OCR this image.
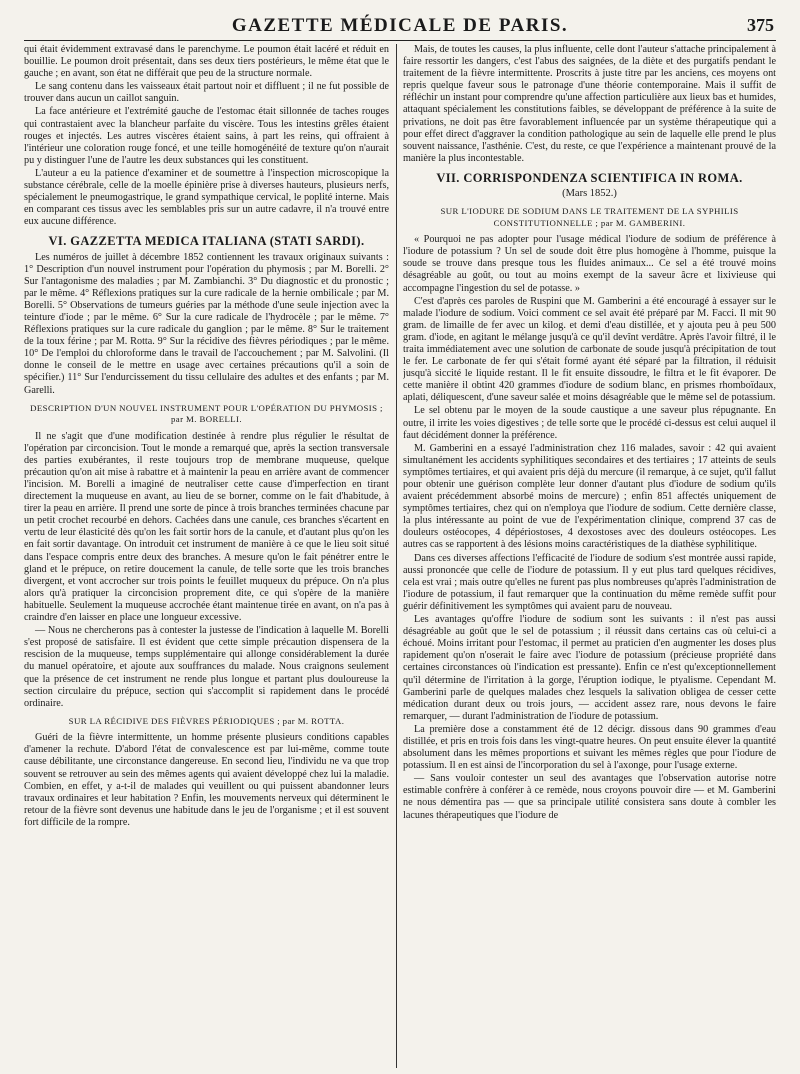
GAZETTE MÉDICALE DE PARIS.	375

qui était évidemment extravasé dans le parenchyme. Le poumon était lacéré et réduit en bouillie. Le poumon droit présentait, dans ses deux tiers postérieurs, le même état que le gauche ; en avant, son état ne différait que peu de la structure normale.

Le sang contenu dans les vaisseaux était partout noir et diffluent ; il ne fut possible de trouver dans aucun un caillot sanguin.

La face antérieure et l'extrémité gauche de l'estomac était sillonnée de taches rouges qui contrastaient avec la blancheur parfaite du viscère. Tous les intestins grêles étaient rouges et injectés. Les autres viscères étaient sains, à part les reins, qui offraient à l'intérieur une coloration rouge foncé, et une teille homogénéité de texture qu'on n'aurait pu y distinguer l'une de l'autre les deux substances qui les constituent.

L'auteur a eu la patience d'examiner et de soumettre à l'inspection microscopique la substance cérébrale, celle de la moelle épinière prise à diverses hauteurs, plusieurs nerfs, spécialement le pneumogastrique, le grand sympathique cervical, le poplité interne. Mais en comparant ces tissus avec les semblables pris sur un autre cadavre, il n'a trouvé entre eux aucune différence.

VI. GAZZETTA MEDICA ITALIANA (STATI SARDI).

Les numéros de juillet à décembre 1852 contiennent les travaux originaux suivants : 1° Description d'un nouvel instrument pour l'opération du phymosis ; par M. Borelli. 2° Sur l'antagonisme des maladies ; par M. Zambianchi. 3° Du diagnostic et du pronostic ; par le même. 4° Réflexions pratiques sur la cure radicale de la hernie ombilicale ; par M. Borelli. 5° Observations de tumeurs guéries par la méthode d'une seule injection avec la teinture d'iode ; par le même. 6° Sur la cure radicale de l'hydrocèle ; par le même. 7° Réflexions pratiques sur la cure radicale du ganglion ; par le même. 8° Sur le traitement de la toux férine ; par M. Rotta. 9° Sur la récidive des fièvres périodiques ; par le même. 10° De l'emploi du chloroforme dans le travail de l'accouchement ; par M. Salvolini. (Il donne le conseil de le mettre en usage avec certaines précautions qu'il a soin de spécifier.) 11° Sur l'endurcissement du tissu cellulaire des adultes et des enfants ; par M. Garelli.

DESCRIPTION D'UN NOUVEL INSTRUMENT POUR L'OPÉRATION DU PHYMOSIS ; par M. BORELLI.

Il ne s'agit que d'une modification destinée à rendre plus régulier le résultat de l'opération par circoncision. Tout le monde a remarqué que, après la section transversale des parties exubérantes, il reste toujours trop de membrane muqueuse, quelque précaution qu'on ait mise à rabattre et à maintenir la peau en arrière avant de commencer l'incision. M. Borelli a imaginé de neutraliser cette cause d'imperfection en tirant directement la muqueuse en avant, au lieu de se borner, comme on le fait d'habitude, à tirer la peau en arrière. Il prend une sorte de pince à trois branches terminées chacune par un petit crochet recourbé en dehors. Cachées dans une canule, ces branches s'écartent en vertu de leur élasticité dès qu'on les fait sortir hors de la canule, et d'autant plus qu'on les en fait sortir davantage. On introduit cet instrument de manière à ce que le lieu soit situé dans l'espace compris entre deux des branches. A mesure qu'on le fait pénétrer entre le gland et le prépuce, on retire doucement la canule, de telle sorte que les trois branches divergent, et vont accrocher sur trois points le feuillet muqueux du prépuce. On n'a plus alors qu'à pratiquer la circoncision proprement dite, ce qui s'opère de la manière habituelle. Seulement la muqueuse accrochée étant maintenue tirée en avant, on n'a pas à craindre d'en laisser en place une longueur excessive.

— Nous ne chercherons pas à contester la justesse de l'indication à laquelle M. Borelli s'est proposé de satisfaire. Il est évident que cette simple précaution dispensera de la rescision de la muqueuse, temps supplémentaire qui allonge considérablement la durée du manuel opératoire, et ajoute aux souffrances du malade. Nous craignons seulement que la présence de cet instrument ne rende plus longue et partant plus douloureuse la section circulaire du prépuce, section qui s'accomplit si rapidement dans le procédé ordinaire.

SUR LA RÉCIDIVE DES FIÈVRES PÉRIODIQUES ; par M. ROTTA.

Guéri de la fièvre intermittente, un homme présente plusieurs conditions capables d'amener la rechute. D'abord l'état de convalescence est par lui-même, comme toute cause débilitante, une circonstance dangereuse. En second lieu, l'individu ne va que trop souvent se retrouver au sein des mêmes agents qui avaient développé chez lui la maladie. Combien, en effet, y a-t-il de malades qui veuillent ou qui puissent abandonner leurs travaux ordinaires et leur habitation ? Enfin, les mouvements nerveux qui déterminent le retour de la fièvre sont devenus une habitude dans le jeu de l'organisme ; et il est souvent fort difficile de la rompre.

Mais, de toutes les causes, la plus influente, celle dont l'auteur s'attache principalement à faire ressortir les dangers, c'est l'abus des saignées, de la diète et des purgatifs pendant le traitement de la fièvre intermittente. Proscrits à juste titre par les anciens, ces moyens ont repris quelque faveur sous le patronage d'une théorie contemporaine. Mais il suffit de réfléchir un instant pour comprendre qu'une affection particulière aux lieux bas et humides, attaquant spécialement les constitutions faibles, se développant de préférence à la suite de privations, ne doit pas être favorablement influencée par un système thérapeutique qui a pour effet direct d'aggraver la condition pathologique au sein de laquelle elle prend le plus souvent naissance, l'asthénie. C'est, du reste, ce que l'expérience a maintenant prouvé de la manière la plus incontestable.

VII. CORRISPONDENZA SCIENTIFICA IN ROMA.
(Mars 1852.)
SUR L'IODURE DE SODIUM DANS LE TRAITEMENT DE LA SYPHILIS CONSTITUTIONNELLE ; par M. GAMBERINI.

« Pourquoi ne pas adopter pour l'usage médical l'iodure de sodium de préférence à l'iodure de potassium ? Un sel de soude doit être plus homogène à l'homme, puisque la soude se trouve dans presque tous les fluides animaux... Ce sel a été trouvé moins désagréable au goût, ou tout au moins exempt de la saveur âcre et lixivieuse qui accompagne l'ingestion du sel de potasse. »

C'est d'après ces paroles de Ruspini que M. Gamberini a été encouragé à essayer sur le malade l'iodure de sodium. Voici comment ce sel avait été préparé par M. Facci. Il mit 90 gram. de limaille de fer avec un kilog. et demi d'eau distillée, et y ajouta peu à peu 500 gram. d'iode, en agitant le mélange jusqu'à ce qu'il devînt verdâtre. Après l'avoir filtré, il le traita immédiatement avec une solution de carbonate de soude jusqu'à précipitation de tout le fer. Le carbonate de fer qui s'était formé ayant été séparé par la filtration, il réduisit jusqu'à siccité le liquide restant. Il le fit ensuite dissoudre, le filtra et le fit évaporer. De cette manière il obtint 420 grammes d'iodure de sodium blanc, en prismes rhomboïdaux, aplati, déliquescent, d'une saveur salée et moins désagréable que le même sel de potassium.

Le sel obtenu par le moyen de la soude caustique a une saveur plus répugnante. En outre, il irrite les voies digestives ; de telle sorte que le procédé ci-dessus est celui auquel il faut décidément donner la préférence.

M. Gamberini en a essayé l'administration chez 116 malades, savoir : 42 qui avaient simultanément les accidents syphilitiques secondaires et des tertiaires ; 17 atteints de seuls symptômes tertiaires, et qui avaient pris déjà du mercure (il remarque, à ce sujet, qu'il fallut pour obtenir une guérison complète leur donner d'autant plus d'iodure de sodium qu'ils avaient précédemment absorbé moins de mercure) ; enfin 851 affectés uniquement de symptômes tertiaires, chez qui on n'employa que l'iodure de sodium. Cette dernière classe, la plus intéressante au point de vue de l'expérimentation clinique, comprend 37 cas de douleurs ostéocopes, 4 dépériostoses, 4 dexostoses avec des douleurs ostéocopes. Les autres cas se rapportent à des lésions moins caractéristiques de la diathèse syphilitique.

Dans ces diverses affections l'efficacité de l'iodure de sodium s'est montrée aussi rapide, aussi prononcée que celle de l'iodure de potassium. Il y eut plus tard quelques récidives, cela est vrai ; mais outre qu'elles ne furent pas plus nombreuses qu'après l'administration de l'iodure de potassium, il faut remarquer que la continuation du même remède suffit pour guérir définitivement les symptômes qui avaient paru de nouveau.

Les avantages qu'offre l'iodure de sodium sont les suivants : il n'est pas aussi désagréable au goût que le sel de potassium ; il réussit dans certains cas où celui-ci a échoué. Moins irritant pour l'estomac, il permet au praticien d'en augmenter les doses plus rapidement qu'on n'oserait le faire avec l'iodure de potassium (précieuse propriété dans certaines circonstances où l'indication est pressante). Enfin ce n'est qu'exceptionnellement qu'il détermine de l'irritation à la gorge, l'éruption iodique, le ptyalisme. Cependant M. Gamberini parle de quelques malades chez lesquels la salivation obligea de cesser cette médication durant deux ou trois jours, — accident assez rare, nous devons le faire remarquer, — durant l'administration de l'iodure de potassium.

La première dose a constamment été de 12 décigr. dissous dans 90 grammes d'eau distillée, et pris en trois fois dans les vingt-quatre heures. On peut ensuite élever la quantité absolument dans les mêmes proportions et suivant les mêmes règles que pour l'iodure de potassium. Il en est ainsi de l'incorporation du sel à l'axonge, pour l'usage externe.

— Sans vouloir contester un seul des avantages que l'observation autorise notre estimable confrère à conférer à ce remède, nous croyons pouvoir dire — et M. Gamberini ne nous démentira pas — que sa principale utilité consistera sans doute à combler les lacunes thérapeutiques que l'iodure de
